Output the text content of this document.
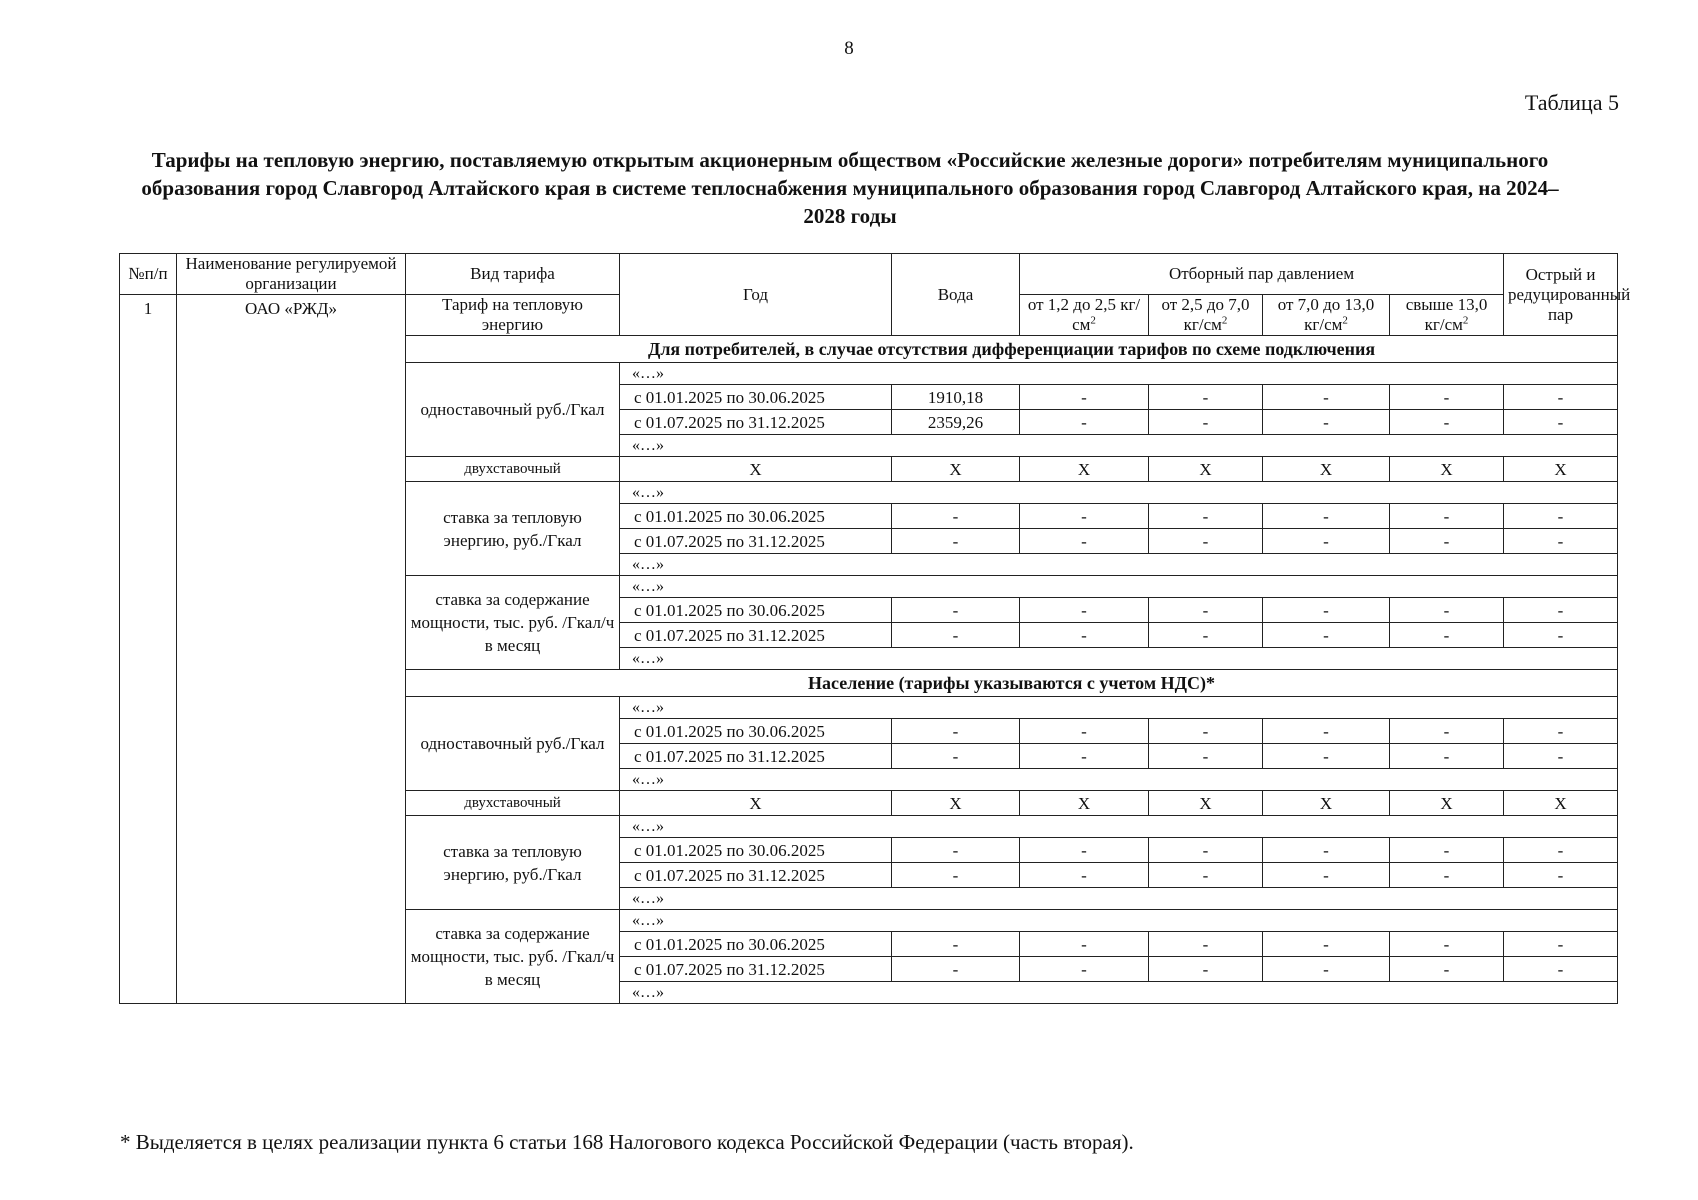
8
Таблица 5
Тарифы на тепловую энергию, поставляемую открытым акционерным обществом «Российские железные дороги» потребителям муниципального образования город Славгород Алтайского края в системе теплоснабжения муниципального образования город Славгород Алтайского края, на 2024–2028 годы
№п/п	Наименование регулируемой организации	Вид тарифа	Год	Вода	Отборный пар давлением				Острый и редуцированный пар
1	ОАО «РЖД»	Тариф на тепловую энергию			от 1,2 до 2,5 $кг/см^2$	от 2,5 до 7,0 $кг/см^2$	от 7,0 до 13,0 $кг/см^2$	свыше 13,0 $кг/см^2$
		Для потребителей, в случае отсутствия дифференциации тарифов по схеме подключения							
		одноставочный руб./Гкал	«…»						
			с 01.01.2025 по 30.06.2025	1910,18	-	-	-	-	-
			с 01.07.2025 по 31.12.2025	2359,26	-	-	-	-	-
			«…»						
		двухставочный	X	X	X	X	X	X	X
		ставка за тепловую энергию, руб./Гкал	«…»						
			с 01.01.2025 по 30.06.2025	-	-	-	-	-	-
			с 01.07.2025 по 31.12.2025	-	-	-	-	-	-
			«…»						
		ставка за содержание мощности, тыс. руб. /Гкал/ч в месяц	«…»						
			с 01.01.2025 по 30.06.2025	-	-	-	-	-	-
			с 01.07.2025 по 31.12.2025	-	-	-	-	-	-
			«…»						
		Население (тарифы указываются с учетом НДС)*							
		одноставочный руб./Гкал	«…»						
			с 01.01.2025 по 30.06.2025	-	-	-	-	-	-
			с 01.07.2025 по 31.12.2025	-	-	-	-	-	-
			«…»						
		двухставочный	X	X	X	X	X	X	X
		ставка за тепловую энергию, руб./Гкал	«…»						
			с 01.01.2025 по 30.06.2025	-	-	-	-	-	-
			с 01.07.2025 по 31.12.2025	-	-	-	-	-	-
			«…»						
		ставка за содержание мощности, тыс. руб. /Гкал/ч в месяц	«…»						
			с 01.01.2025 по 30.06.2025	-	-	-	-	-	-
			с 01.07.2025 по 31.12.2025	-	-	-	-	-	-
			«…»						
* Выделяется в целях реализации пункта 6 статьи 168 Налогового кодекса Российской Федерации (часть вторая).
